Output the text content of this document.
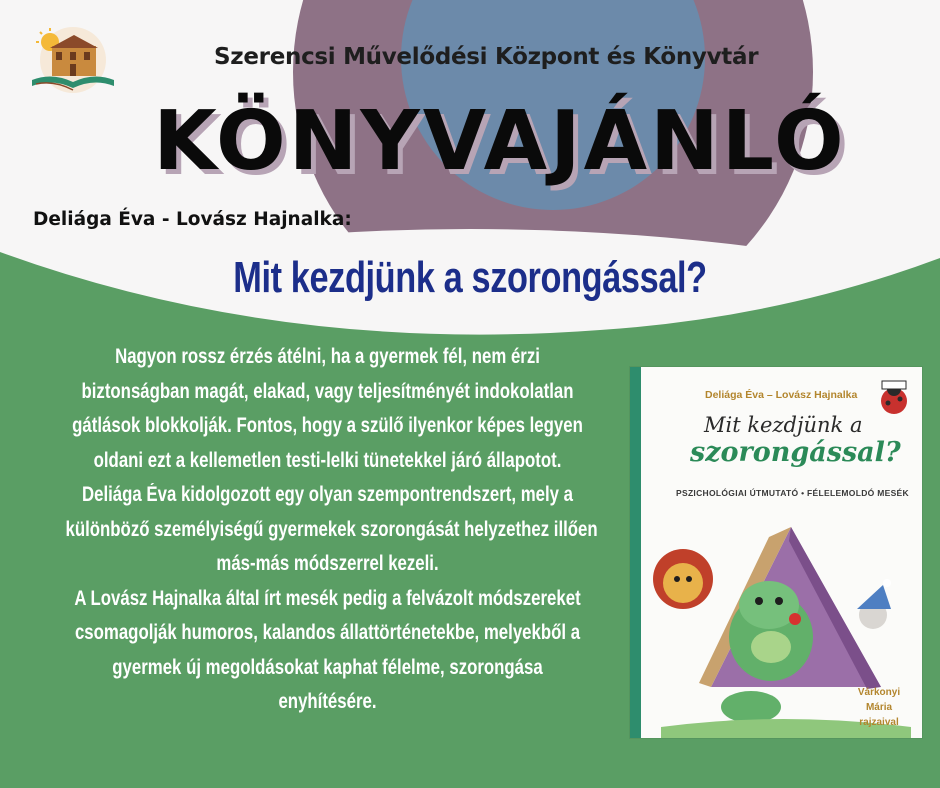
Szerencsi Művelődési Központ és Könyvtár
KÖNYVAJÁNLÓ
Deliága Éva - Lovász Hajnalka:
Mit kezdjünk a szorongással?

Nagyon rossz érzés átélni, ha a gyermek fél, nem érzi

biztonságban magát, elakad, vagy teljesítményét indokolatlan

gátlások blokkolják. Fontos, hogy a szülő ilyenkor képes legyen

oldani ezt a kellemetlen testi-lelki tünetekkel járó állapotot.

Deliága Éva kidolgozott egy olyan szempontrendszert, mely a

különböző személyiségű gyermekek szorongását helyzethez illően

más-más módszerrel kezeli.

A Lovász Hajnalka által írt mesék pedig a felvázolt módszereket

csomagolják humoros, kalandos állattörténetekbe, melyekből a

gyermek új megoldásokat kaphat félelme, szorongása

enyhítésére.

Deliága Éva – Lovász Hajnalka
Mit kezdjünk a
szorongással?
PSZICHOLÓGIAI ÚTMUTATÓ • FÉLELEMOLDÓ MESÉK
Várkonyi Mária
rajzaival
